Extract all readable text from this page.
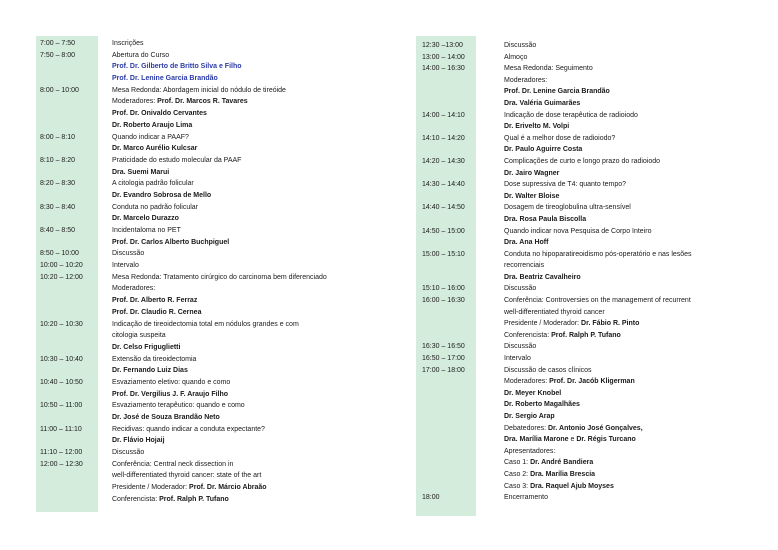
7:00 – 7:50	Inscrições
7:50 – 8:00	Abertura do Curso
Prof. Dr. Gilberto de Britto Silva e Filho
Prof. Dr. Lenine Garcia Brandão
8:00 – 10:00	Mesa Redonda: Abordagem inicial do nódulo de tireóide
Moderadores: Prof. Dr. Marcos R. Tavares
Prof. Dr. Onivaldo Cervantes
Dr. Roberto Araujo Lima
8:00 – 8:10	Quando indicar a PAAF?
Dr. Marco Aurélio Kulcsar
8:10 – 8:20	Praticidade do estudo molecular da PAAF
Dra. Suemi Marui
8:20 – 8:30	A citologia padrão folicular
Dr. Evandro Sobrosa de Mello
8:30 – 8:40	Conduta no padrão folicular
Dr. Marcelo Durazzo
8:40 – 8:50	Incidentaloma no PET
Prof. Dr. Carlos Alberto Buchpiguel
8:50 – 10:00	Discussão
10:00 – 10:20	Intervalo
10:20 – 12:00	Mesa Redonda: Tratamento cirúrgico do carcinoma bem diferenciado
Moderadores:
Prof. Dr. Alberto R. Ferraz
Prof. Dr. Claudio R. Cernea
10:20 – 10:30	Indicação de tireoidectomia total em nódulos grandes e com
citologia suspeita
Dr. Celso Friguglietti
10:30 – 10:40	Extensão da tireoidectomia
Dr. Fernando Luiz Dias
10:40 – 10:50	Esvaziamento eletivo: quando e como
Prof. Dr. Vergilius J. F. Araujo Filho
10:50 – 11:00	Esvaziamento terapêutico: quando e como
Dr. José de Souza Brandão Neto
11:00 – 11:10	Recidivas: quando indicar a conduta expectante?
Dr. Flávio Hojaij
11:10 – 12:00	Discussão
12:00 – 12:30	Conferência: Central neck dissection in
well-differentiated thyroid cancer: state of the art
Presidente / Moderador: Prof. Dr. Márcio Abraão
Conferencista: Prof. Ralph P. Tufano
12:30 –13:00	Discussão
13:00 – 14:00	Almoço
14:00 – 16:30	Mesa Redonda: Seguimento
Moderadores:
Prof. Dr. Lenine Garcia Brandão
Dra. Valéria Guimarães
14:00 – 14:10	Indicação de dose terapêutica de radioiodo
Dr. Erivelto M. Volpi
14:10 – 14:20	Qual é a melhor dose de radioiodo?
Dr. Paulo Aguirre Costa
14:20 – 14:30	Complicações de curto e longo prazo do radioiodo
Dr. Jairo Wagner
14:30 – 14:40	Dose supressiva de T4: quanto tempo?
Dr. Walter Bloise
14:40 – 14:50	Dosagem de tireoglobulina ultra-sensível
Dra. Rosa Paula Biscolla
14:50 – 15:00	Quando indicar nova Pesquisa de Corpo Inteiro
Dra. Ana Hoff
15:00 – 15:10	Conduta no hipoparatireoidismo pós-operatório e nas lesões
recorrenciais
Dra. Beatriz Cavalheiro
15:10 – 16:00	Discussão
16:00 – 16:30	Conferência: Controversies on the management of recurrent
well-differentiated thyroid cancer
Presidente / Moderador: Dr. Fábio R. Pinto
Conferencista: Prof. Ralph P. Tufano
16:30 – 16:50	Discussão
16:50 – 17:00	Intervalo
17:00 – 18:00	Discussão de casos clínicos
Moderadores: Prof. Dr. Jacób Kligerman
Dr. Meyer Knobel
Dr. Roberto Magalhães
Dr. Sergio Arap
Debatedores: Dr. Antonio José Gonçalves,
Dra. Marília Marone e Dr. Régis Turcano
Apresentadores:
Caso 1: Dr. André Bandiera
Caso 2: Dra. Marília Brescia
Caso 3: Dra. Raquel Ajub Moyses
18:00	Encerramento
